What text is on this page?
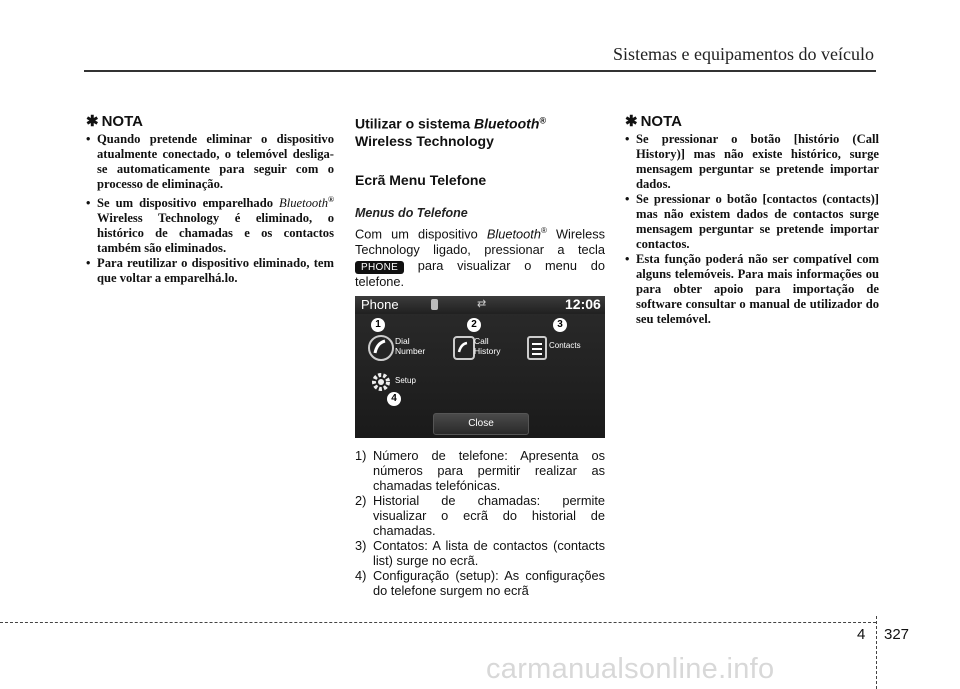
Sistemas e equipamentos do veículo
✱ NOTA
• Quando pretende eliminar o dispositivo atualmente conectado, o telemóvel desliga-se automaticamente para seguir com o processo de eliminação.
• Se um dispositivo emparelhado Bluetooth® Wireless Technology é eliminado, o histórico de chamadas e os contactos também são eliminados.
• Para reutilizar o dispositivo eliminado, tem que voltar a emparelhá.lo.
Utilizar o sistema Bluetooth®
Wireless Technology
Ecrã Menu Telefone
Menus do Telefone
Com um dispositivo Bluetooth® Wireless Technology ligado, pressionar a tecla PHONE para visualizar o menu do telefone.
Phone	⇄	12:06
1	2	3
Dial
Number
Call
History
Contacts
Setup
4
Close
1) Número de telefone: Apresenta os números para permitir realizar as chamadas telefónicas.
2) Historial de chamadas: permite visualizar o ecrã do historial de chamadas.
3) Contatos: A lista de contactos (contacts list) surge no ecrã.
4) Configuração (setup): As configurações do telefone surgem no ecrã
✱ NOTA
• Se pressionar o botão [histório (Call History)] mas não existe histórico, surge mensagem perguntar se pretende importar dados.
• Se pressionar o botão [contactos (contacts)] mas não existem dados de contactos surge mensagem perguntar se pretende importar contactos.
• Esta função poderá não ser compatível com alguns telemóveis. Para mais informações ou para obter apoio para importação de software consultar o manual de utilizador do seu telemóvel.
4 327
carmanualsonline.info
